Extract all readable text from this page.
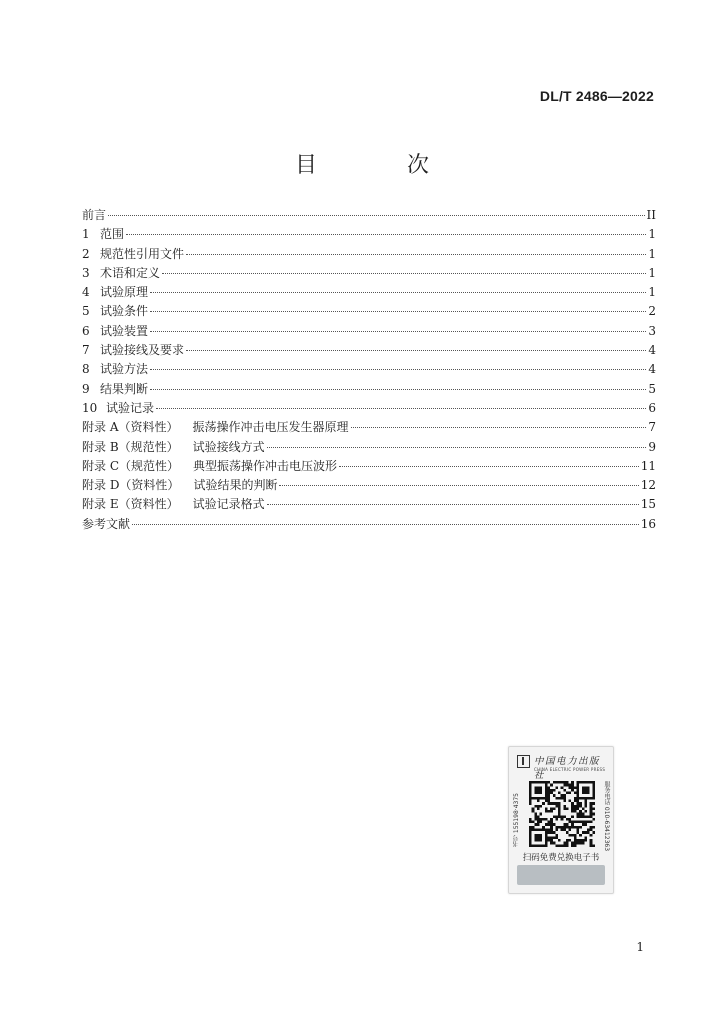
DL/T 2486—2022
目　次
前言	II
1 范围	1
2 规范性引用文件	1
3 术语和定义	1
4 试验原理	1
5 试验条件	2
6 试验装置	3
7 试验接线及要求	4
8 试验方法	4
9 结果判断	5
10 试验记录	6
附录 A（资料性） 振荡操作冲击电压发生器原理	7
附录 B（规范性） 试验接线方式	9
附录 C（规范性） 典型振荡操作冲击电压波形	11
附录 D（资料性） 试验结果的判断	12
附录 E（资料性） 试验记录格式	15
参考文献	16
中国电力出版社
CHINA ELECTRIC POWER PRESS
书号 155198·4375	服务电话 010-63412363
扫码免费兑换电子书
1
